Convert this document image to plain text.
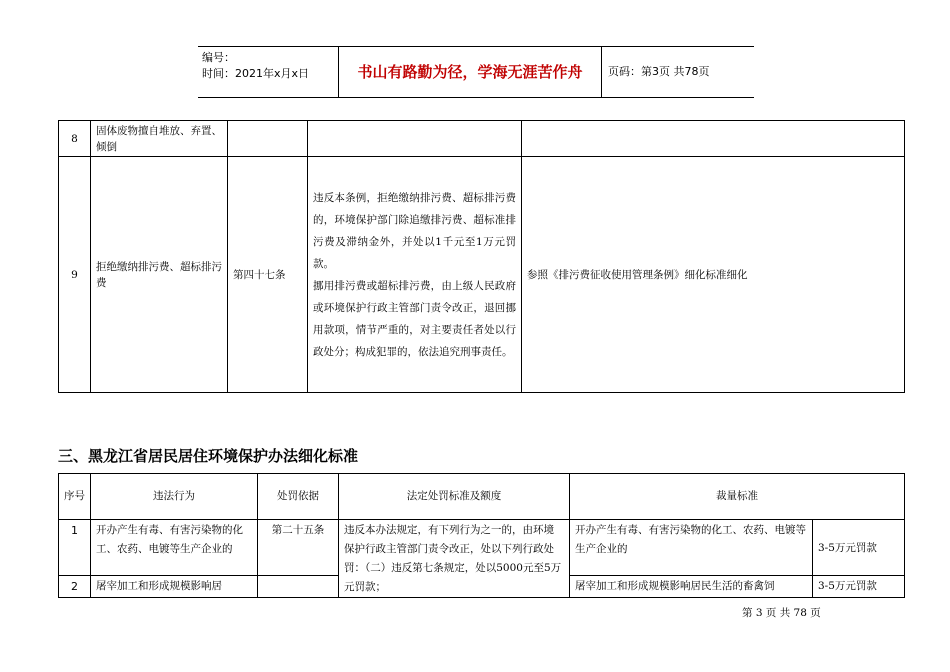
编号：
时间：2021年x月x日	书山有路勤为径，学海无涯苦作舟	页码：第3页 共78页
8	固体废物擅自堆放、弃置、倾倒			
9	拒绝缴纳排污费、超标排污费	第四十七条	违反本条例，拒绝缴纳排污费、超标排污费的，环境保护部门除追缴排污费、超标准排污费及滞纳金外，并处以1千元至1万元罚款。

挪用排污费或超标排污费，由上级人民政府或环境保护行政主管部门责令改正，退回挪用款项，情节严重的，对主要责任者处以行政处分；构成犯罪的，依法追究刑事责任。	参照《排污费征收使用管理条例》细化标准细化
三、黑龙江省居民居住环境保护办法细化标准
序号	违法行为	处罚依据	法定处罚标准及额度	裁量标准	
1	开办产生有毒、有害污染物的化工、农药、电镀等生产企业的	第二十五条	违反本办法规定，有下列行为之一的，由环境保护行政主管部门责令改正，处以下列行政处罚：（二）违反第七条规定，处以5000元至5万元罚款；	开办产生有毒、有害污染物的化工、农药、电镀等生产企业的	3-5万元罚款
2	屠宰加工和形成规模影响居			屠宰加工和形成规模影响居民生活的畜禽饲	3-5万元罚款
第 3 页 共 78 页
